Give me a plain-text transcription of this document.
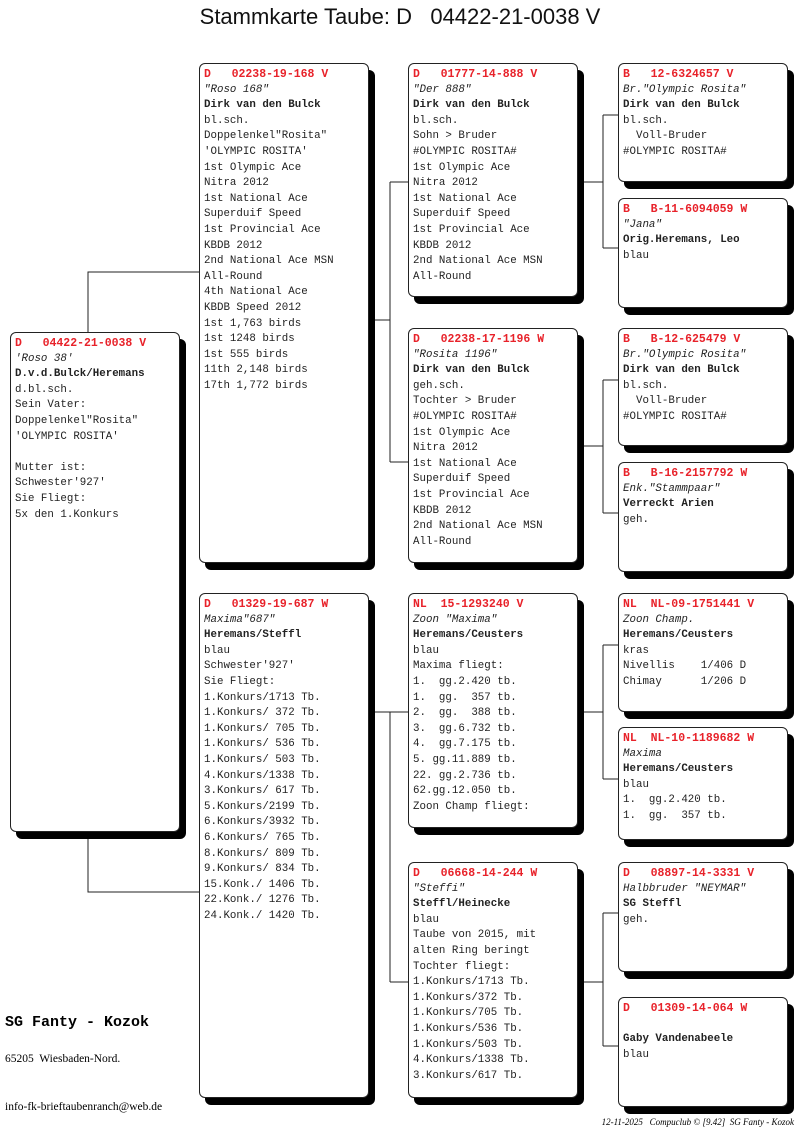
Stammkarte Taube: D   04422-21-0038 V
D   04422-21-0038 V
'Roso 38'
D.v.d.Bulck/Heremans
d.bl.sch.
Sein Vater:
Doppelenkel"Rosita"
'OLYMPIC ROSITA'
Mutter ist:
Schwester'927'
Sie Fliegt:
5x den 1.Konkurs
D   02238-19-168 V
"Roso 168"
Dirk van den Bulck
bl.sch.
Doppelenkel"Rosita"
'OLYMPIC ROSITA'
1st Olympic Ace
Nitra 2012
1st National Ace
Superduif Speed
1st Provincial Ace
KBDB 2012
2nd National Ace MSN
All-Round
4th National Ace
KBDB Speed 2012
1st 1,763 birds
1st 1248 birds
1st 555 birds
11th 2,148 birds
17th 1,772 birds
D   01329-19-687 W
Maxima"687"
Heremans/Steffl
blau
Schwester'927'
Sie Fliegt:
1.Konkurs/1713 Tb.
1.Konkurs/ 372 Tb.
1.Konkurs/ 705 Tb.
1.Konkurs/ 536 Tb.
1.Konkurs/ 503 Tb.
4.Konkurs/1338 Tb.
3.Konkurs/ 617 Tb.
5.Konkurs/2199 Tb.
6.Konkurs/3932 Tb.
6.Konkurs/ 765 Tb.
8.Konkurs/ 809 Tb.
9.Konkurs/ 834 Tb.
15.Konk./ 1406 Tb.
22.Konk./ 1276 Tb.
24.Konk./ 1420 Tb.
D   01777-14-888 V
"Der 888"
Dirk van den Bulck
bl.sch.
Sohn > Bruder
#OLYMPIC ROSITA#
1st Olympic Ace
Nitra 2012
1st National Ace
Superduif Speed
1st Provincial Ace
KBDB 2012
2nd National Ace MSN
All-Round
D   02238-17-1196 W
"Rosita 1196"
Dirk van den Bulck
geh.sch.
Tochter > Bruder
#OLYMPIC ROSITA#
1st Olympic Ace
Nitra 2012
1st National Ace
Superduif Speed
1st Provincial Ace
KBDB 2012
2nd National Ace MSN
All-Round
NL  15-1293240 V
Zoon "Maxima"
Heremans/Ceusters
blau
Maxima fliegt:
1.  gg.2.420 tb.
1.  gg.  357 tb.
2.  gg.  388 tb.
3.  gg.6.732 tb.
4.  gg.7.175 tb.
5. gg.11.889 tb.
22. gg.2.736 tb.
62.gg.12.050 tb.
Zoon Champ fliegt:
D   06668-14-244 W
"Steffi"
Steffl/Heinecke
blau
Taube von 2015, mit
alten Ring beringt
Tochter fliegt:
1.Konkurs/1713 Tb.
1.Konkurs/372 Tb.
1.Konkurs/705 Tb.
1.Konkurs/536 Tb.
1.Konkurs/503 Tb.
4.Konkurs/1338 Tb.
3.Konkurs/617 Tb.
B   12-6324657 V
Br."Olympic Rosita"
Dirk van den Bulck
bl.sch.
Voll-Bruder
#OLYMPIC ROSITA#
B   B-11-6094059 W
"Jana"
Orig.Heremans, Leo
blau
B   B-12-625479 V
Br."Olympic Rosita"
Dirk van den Bulck
bl.sch.
Voll-Bruder
#OLYMPIC ROSITA#
B   B-16-2157792 W
Enk."Stammpaar"
Verreckt Arien
geh.
NL  NL-09-1751441 V
Zoon Champ.
Heremans/Ceusters
kras
Nivellis    1/406 D
Chimay      1/206 D
NL  NL-10-1189682 W
Maxima
Heremans/Ceusters
blau
1.  gg.2.420 tb.
1.  gg.  357 tb.
D   08897-14-3331 V
Halbbruder "NEYMAR"
SG Steffl
geh.
D   01309-14-064 W
Gaby Vandenabeele
blau
SG Fanty - Kozok
65205  Wiesbaden-Nord.
info-fk-brieftaubenranch@web.de
12-11-2025   Compuclub © [9.42]  SG Fanty - Kozok
